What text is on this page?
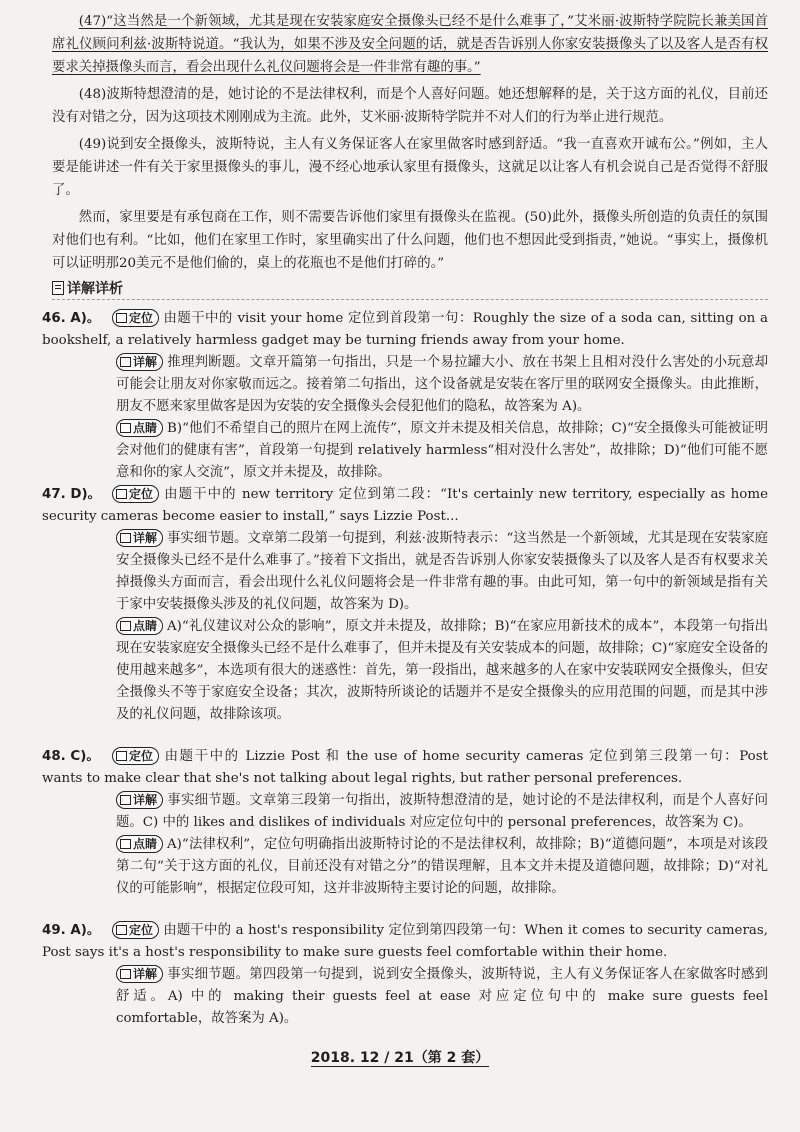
(47)“这当然是一个新领域，尤其是现在安装家庭安全摄像头已经不是什么难事了，”艾米丽·波斯特学院院长兼美国首席礼仪顾问利兹·波斯特说道。“我认为，如果不涉及安全问题的话，就是否告诉别人你家安装摄像头了以及客人是否有权要求关掉摄像头而言，看会出现什么礼仪问题将会是一件非常有趣的事。”

(48)波斯特想澄清的是，她讨论的不是法律权利，而是个人喜好问题。她还想解释的是，关于这方面的礼仪，目前还没有对错之分，因为这项技术刚刚成为主流。此外，艾米丽·波斯特学院并不对人们的行为举止进行规范。

(49)说到安全摄像头，波斯特说，主人有义务保证客人在家里做客时感到舒适。“我一直喜欢开诚布公。”例如，主人要是能讲述一件有关于家里摄像头的事儿，漫不经心地承认家里有摄像头，这就足以让客人有机会说自己是否觉得不舒服了。

然而，家里要是有承包商在工作，则不需要告诉他们家里有摄像头在监视。(50)此外，摄像头所创造的负责任的氛围对他们也有利。“比如，他们在家里工作时，家里确实出了什么问题，他们也不想因此受到指责，”她说。“事实上，摄像机可以证明那20美元不是他们偷的，桌上的花瓶也不是他们打碎的。”

详解详析

46. A)。 定位 由题干中的 visit your home 定位到首段第一句：Roughly the size of a soda can, sitting on a bookshelf, a relatively harmless gadget may be turning friends away from your home.

详解 推理判断题。文章开篇第一句指出，只是一个易拉罐大小、放在书架上且相对没什么害处的小玩意却可能会让朋友对你家敬而远之。接着第二句指出，这个设备就是安装在客厅里的联网安全摄像头。由此推断，朋友不愿来家里做客是因为安装的安全摄像头会侵犯他们的隐私，故答案为 A)。

点睛 B)“他们不希望自己的照片在网上流传”，原文并未提及相关信息，故排除；C)“安全摄像头可能被证明会对他们的健康有害”，首段第一句提到 relatively harmless“相对没什么害处”，故排除；D)“他们可能不愿意和你的家人交流”，原文并未提及，故排除。

47. D)。 定位 由题干中的 new territory 定位到第二段：“It's certainly new territory, especially as home security cameras become easier to install,” says Lizzie Post...

详解 事实细节题。文章第二段第一句提到，利兹·波斯特表示：“这当然是一个新领域，尤其是现在安装家庭安全摄像头已经不是什么难事了。”接着下文指出，就是否告诉别人你家安装摄像头了以及客人是否有权要求关掉摄像头方面而言，看会出现什么礼仪问题将会是一件非常有趣的事。由此可知，第一句中的新领域是指有关于家中安装摄像头涉及的礼仪问题，故答案为 D)。

点睛 A)“礼仪建议对公众的影响”，原文并未提及，故排除；B)“在家应用新技术的成本”，本段第一句指出现在安装家庭安全摄像头已经不是什么难事了，但并未提及有关安装成本的问题，故排除；C)“家庭安全设备的使用越来越多”，本选项有很大的迷惑性：首先，第一段指出，越来越多的人在家中安装联网安全摄像头，但安全摄像头不等于家庭安全设备；其次，波斯特所谈论的话题并不是安全摄像头的应用范围的问题，而是其中涉及的礼仪问题，故排除该项。

48. C)。 定位 由题干中的 Lizzie Post 和 the use of home security cameras 定位到第三段第一句：Post wants to make clear that she's not talking about legal rights, but rather personal preferences.

详解 事实细节题。文章第三段第一句指出，波斯特想澄清的是，她讨论的不是法律权利，而是个人喜好问题。C) 中的 likes and dislikes of individuals 对应定位句中的 personal preferences，故答案为 C)。

点睛 A)“法律权利”，定位句明确指出波斯特讨论的不是法律权利，故排除；B)“道德问题”，本项是对该段第二句“关于这方面的礼仪，目前还没有对错之分”的错误理解，且本文并未提及道德问题，故排除；D)“对礼仪的可能影响”，根据定位段可知，这并非波斯特主要讨论的问题，故排除。

49. A)。 定位 由题干中的 a host's responsibility 定位到第四段第一句：When it comes to security cameras, Post says it's a host's responsibility to make sure guests feel comfortable within their home.

详解 事实细节题。第四段第一句提到，说到安全摄像头，波斯特说，主人有义务保证客人在家做客时感到舒适。A) 中的 making their guests feel at ease 对应定位句中的 make sure guests feel comfortable，故答案为 A)。

2018. 12 / 21（第 2 套）
